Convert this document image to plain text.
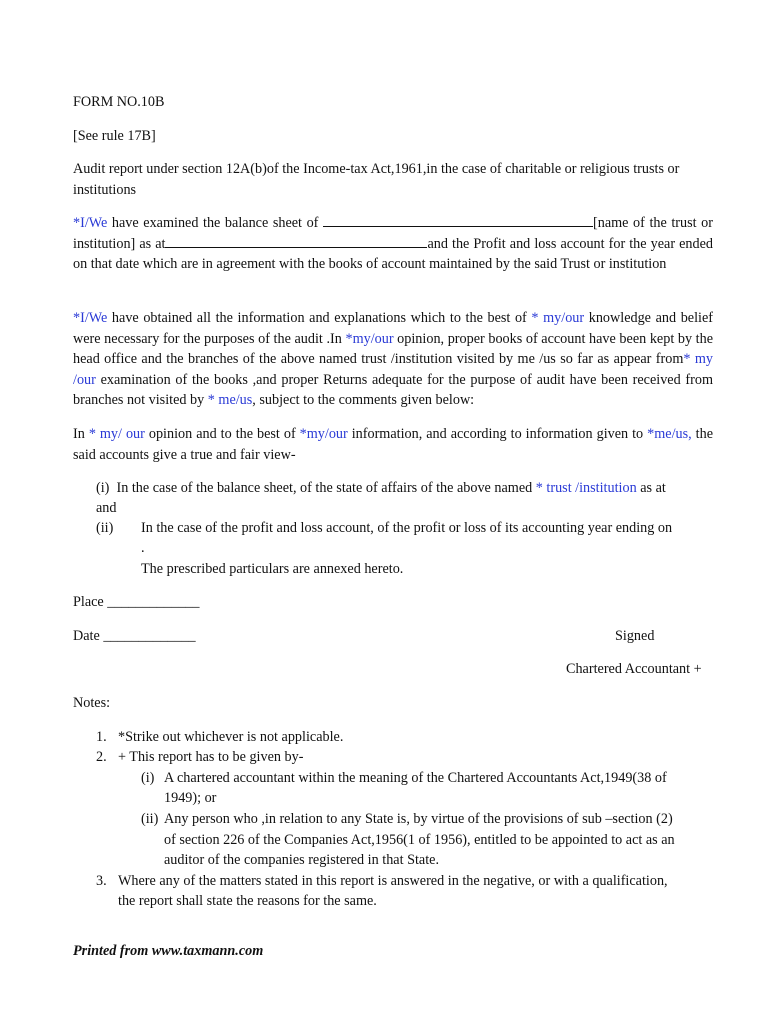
FORM NO.10B
[See rule 17B]

Audit report under section 12A(b)of the Income-tax Act,1961,in the case of charitable or religious trusts or institutions

*I/We have examined the balance sheet of	[name of the trust or institution] as at	and the Profit and loss account for the year ended on that date which are in agreement with the books of account maintained by the said Trust or institution

*I/We have obtained all the information and explanations which to the best of * my/our knowledge and belief were necessary for the purposes of the audit .In *my/our opinion, proper books of account have been kept by the head office and the branches of the above named trust /institution visited by me /us so far as appear from* my /our examination of the books ,and proper Returns adequate for the purpose of audit have been received from branches not visited by * me/us, subject to the comments given below:

In * my/ our opinion and to the best of *my/our information, and according to information given to *me/us, the said accounts give a true and fair view-

(i) In the case of the balance sheet, of the state of affairs of the above named * trust /institution as at
and
(ii) In the case of the profit and loss account, of the profit or loss of its accounting year ending on
.
The prescribed particulars are annexed hereto.
Place _____________
Date _____________	Signed
Chartered Accountant +
Notes:
1. *Strike out whichever is not applicable.
2. + This report has to be given by-
(i) A chartered accountant within the meaning of the Chartered Accountants Act,1949(38 of
1949); or
(ii) Any person who ,in relation to any State is, by virtue of the provisions of sub –section (2)
of section 226 of the Companies Act,1956(1 of 1956), entitled to be appointed to act as an
auditor of the companies registered in that State.
3. Where any of the matters stated in this report is answered in the negative, or with a qualification,
the report shall state the reasons for the same.
Printed from www.taxmann.com
